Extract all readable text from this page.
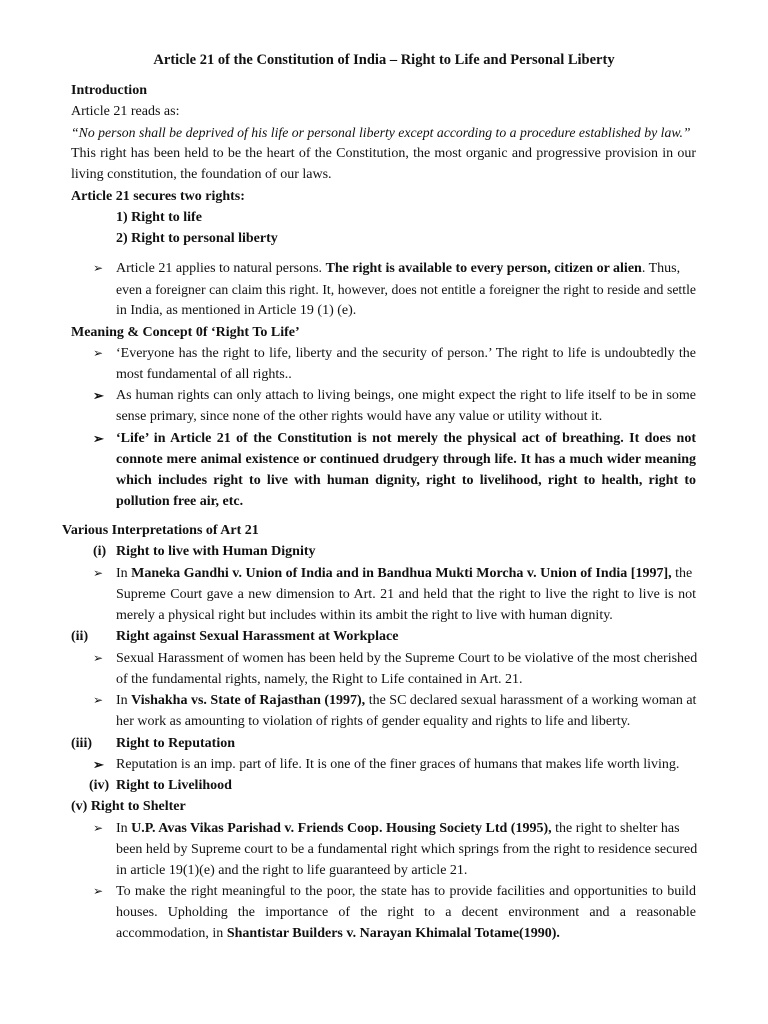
Article 21 of the Constitution of India – Right to Life and Personal Liberty
Introduction
Article 21 reads as:
“No person shall be deprived of his life or personal liberty except according to a procedure established by law.”
This right has been held to be the heart of the Constitution, the most organic and progressive provision in our
living constitution, the foundation of our laws.
Article 21 secures two rights:
1) Right to life
2) Right to personal liberty
➢ Article 21 applies to natural persons. The right is available to every person, citizen or alien. Thus,
even a foreigner can claim this right. It, however, does not entitle a foreigner the right to reside and settle
in India, as mentioned in Article 19 (1) (e).
Meaning & Concept 0f ‘Right To Life’
➢ ‘Everyone has the right to life, liberty and the security of person.’ The right to life is undoubtedly the
most fundamental of all rights..
➢ As human rights can only attach to living beings, one might expect the right to life itself to be in some
sense primary, since none of the other rights would have any value or utility without it.
➢ ‘Life’ in Article 21 of the Constitution is not merely the physical act of breathing. It does not
connote mere animal existence or continued drudgery through life. It has a much wider meaning
which includes right to live with human dignity, right to livelihood, right to health, right to
pollution free air, etc.
Various Interpretations of Art 21
(i) Right to live with Human Dignity
➢ In Maneka Gandhi v. Union of India and in Bandhua Mukti Morcha v. Union of India [1997], the
Supreme Court gave a new dimension to Art. 21 and held that the right to live the right to live is not
merely a physical right but includes within its ambit the right to live with human dignity.
(ii) Right against Sexual Harassment at Workplace
➢ Sexual Harassment of women has been held by the Supreme Court to be violative of the most cherished
of the fundamental rights, namely, the Right to Life contained in Art. 21.
➢ In Vishakha vs. State of Rajasthan (1997), the SC declared sexual harassment of a working woman at
her work as amounting to violation of rights of gender equality and rights to life and liberty.
(iii) Right to Reputation
➢ Reputation is an imp. part of life. It is one of the finer graces of humans that makes life worth living.
(iv) Right to Livelihood
(v) Right to Shelter
➢ In U.P. Avas Vikas Parishad v. Friends Coop. Housing Society Ltd (1995), the right to shelter has
been held by Supreme court to be a fundamental right which springs from the right to residence secured
in article 19(1)(e) and the right to life guaranteed by article 21.
➢ To make the right meaningful to the poor, the state has to provide facilities and opportunities to build
houses. Upholding the importance of the right to a decent environment and a reasonable
accommodation, in Shantistar Builders v. Narayan Khimalal Totame(1990).
